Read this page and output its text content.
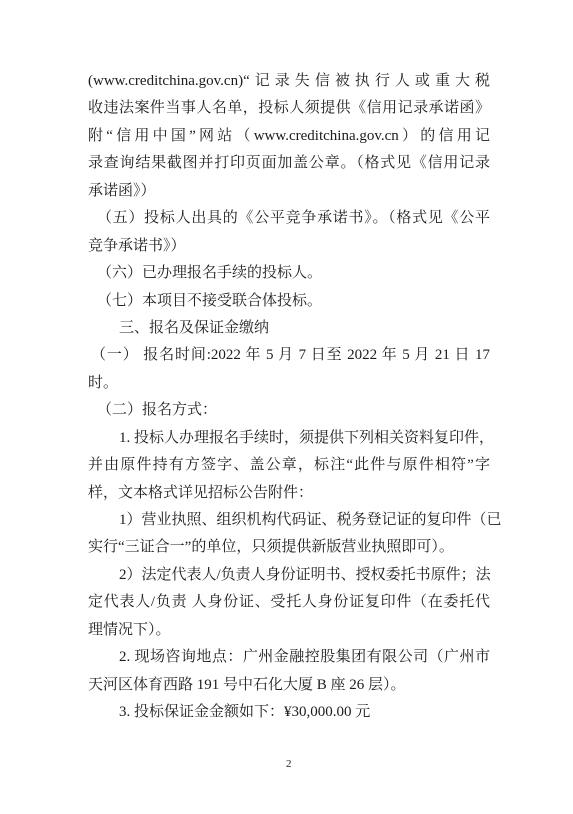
(www.creditchina.gov.cn)“记录失信被执行人或重大税
收违法案件当事人名单，投标人须提供《信用记录承诺函》
附“信用中国”网站（www.creditchina.gov.cn）的信用记
录查询结果截图并打印页面加盖公章。（格式见《信用记录
承诺函》）
（五）投标人出具的《公平竞争承诺书》。（格式见《公平
竞争承诺书》）
（六）已办理报名手续的投标人。
（七）本项目不接受联合体投标。
三、报名及保证金缴纳
（一） 报名时间:2022 年 5 月 7 日至 2022 年 5 月 21 日 17
时。
（二）报名方式：
1. 投标人办理报名手续时，须提供下列相关资料复印件，
并由原件持有方签字、盖公章，标注“此件与原件相符”字
样，文本格式详见招标公告附件：
1）营业执照、组织机构代码证、税务登记证的复印件（已
实行“三证合一”的单位，只须提供新版营业执照即可）。
2）法定代表人/负责人身份证明书、授权委托书原件；法
定代表人/负责 人身份证、受托人身份证复印件（在委托代
理情况下）。
2. 现场咨询地点：广州金融控股集团有限公司（广州市
天河区体育西路 191 号中石化大厦 B 座 26 层）。
3. 投标保证金金额如下：¥30,000.00 元
2
